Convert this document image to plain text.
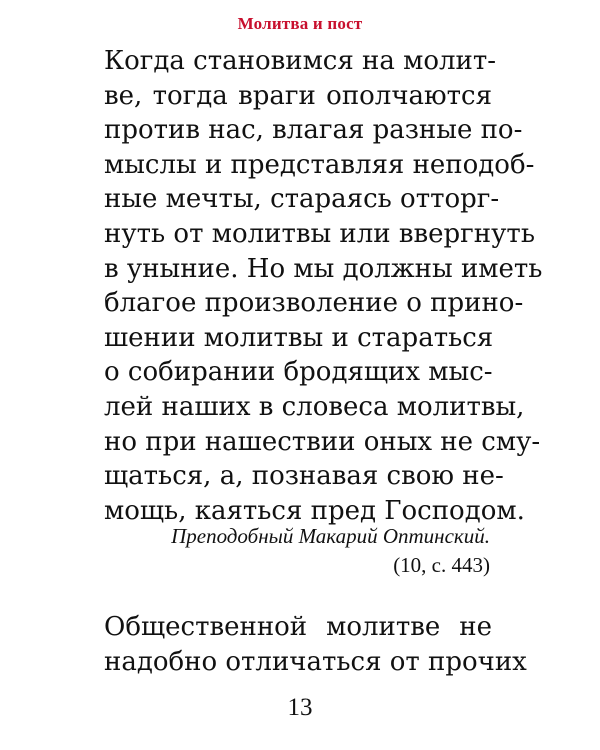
Молитва и пост
Когда становимся на молит-
ве, тогда враги ополчаются
против нас, влагая разные по-
мыслы и представляя неподоб-
ные мечты, стараясь отторг-
нуть от молитвы или ввергнуть
в уныние. Но мы должны иметь
благое произволение о прино-
шении молитвы и стараться
о собирании бродящих мыс-
лей наших в словеса молитвы,
но при нашествии оных не сму-
щаться, а, познавая свою не-
мощь, каяться пред Господом.
Преподобный Макарий Оптинский.
(10, с. 443)
Общественной молитве не
надобно отличаться от прочих
13
